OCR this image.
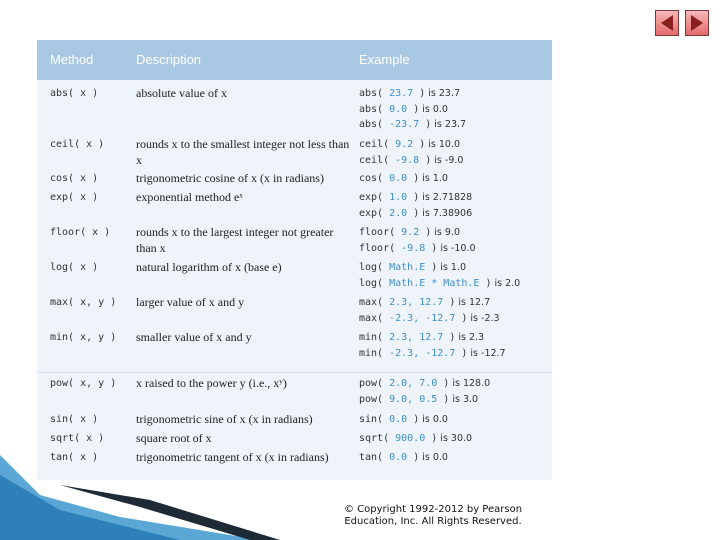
Method	Description	Example
abs( x )	absolute value of x	abs( 23.7 ) is 23.7
abs( 0.0 ) is 0.0
abs( -23.7 ) is 23.7
ceil( x )	rounds x to the smallest integer not less than x
ceil( 9.2 ) is 10.0
ceil( -9.8 ) is -9.0
cos( x )	trigonometric cosine of x (x in radians)	cos( 0.0 ) is 1.0
exp( x )	exponential method eˣ	exp( 1.0 ) is 2.71828
exp( 2.0 ) is 7.38906
floor( x ) rounds x to the largest integer not greater than x
floor( 9.2 ) is 9.0
floor( -9.8 ) is -10.0
log( x )	natural logarithm of x (base e)	log( Math.E ) is 1.0
log( Math.E * Math.E ) is 2.0
max( x, y ) larger value of x and y	max( 2.3, 12.7 ) is 12.7
max( -2.3, -12.7 ) is -2.3
min( x, y ) smaller value of x and y	min( 2.3, 12.7 ) is 2.3
min( -2.3, -12.7 ) is -12.7
pow( x, y ) x raised to the power y (i.e., xʸ)	pow( 2.0, 7.0 ) is 128.0
pow( 9.0, 0.5 ) is 3.0
sin( x )	trigonometric sine of x (x in radians)	sin( 0.0 ) is 0.0
sqrt( x )	square root of x	sqrt( 900.0 ) is 30.0
tan( x )	trigonometric tangent of x (x in radians)	tan( 0.0 ) is 0.0
© Copyright 1992-2012 by Pearson
Education, Inc. All Rights Reserved.
